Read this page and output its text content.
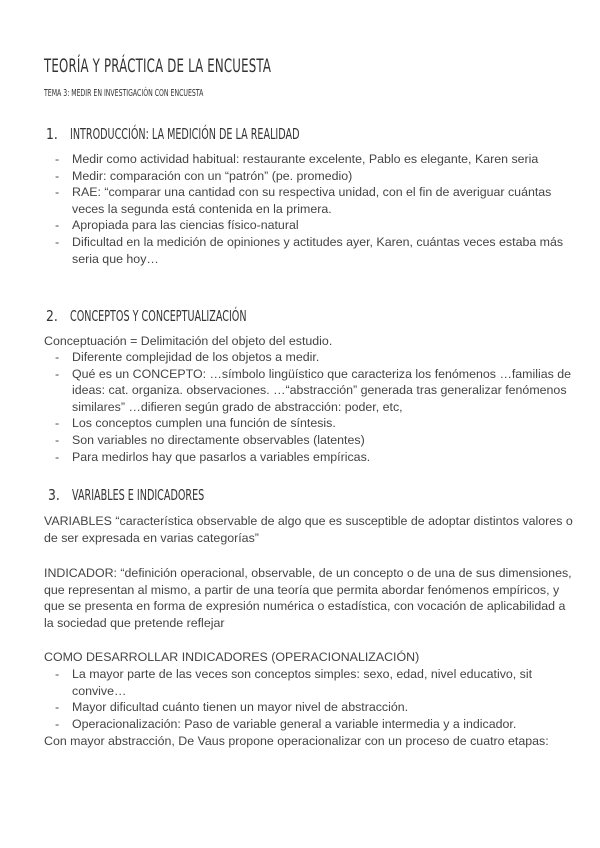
TEORÍA Y PRÁCTICA DE LA ENCUESTA
TEMA 3: MEDIR EN INVESTIGACIÓN CON ENCUESTA
1. INTRODUCCIÓN: LA MEDICIÓN DE LA REALIDAD
- Medir como actividad habitual: restaurante excelente, Pablo es elegante, Karen seria
- Medir: comparación con un “patrón” (pe. promedio)
- RAE: “comparar una cantidad con su respectiva unidad, con el fin de averiguar cuántas veces la segunda está contenida en la primera.
- Apropiada para las ciencias físico-natural
- Dificultad en la medición de opiniones y actitudes ayer, Karen, cuántas veces estaba más seria que hoy…
2. CONCEPTOS Y CONCEPTUALIZACIÓN
Conceptuación = Delimitación del objeto del estudio.
- Diferente complejidad de los objetos a medir.
- Qué es un CONCEPTO: …símbolo lingüístico que caracteriza los fenómenos …familias de ideas: cat. organiza. observaciones. …“abstracción” generada tras generalizar fenómenos similares” …difieren según grado de abstracción: poder, etc,
- Los conceptos cumplen una función de síntesis.
- Son variables no directamente observables (latentes)
- Para medirlos hay que pasarlos a variables empíricas.
3. VARIABLES E INDICADORES
VARIABLES “característica observable de algo que es susceptible de adoptar distintos valores o de ser expresada en varias categorías”
INDICADOR: “definición operacional, observable, de un concepto o de una de sus dimensiones, que representan al mismo, a partir de una teoría que permita abordar fenómenos empíricos, y que se presenta en forma de expresión numérica o estadística, con vocación de aplicabilidad a la sociedad que pretende reflejar
COMO DESARROLLAR INDICADORES (OPERACIONALIZACIÓN)
- La mayor parte de las veces son conceptos simples: sexo, edad, nivel educativo, sit convive…
- Mayor dificultad cuánto tienen un mayor nivel de abstracción.
- Operacionalización: Paso de variable general a variable intermedia y a indicador.
Con mayor abstracción, De Vaus propone operacionalizar con un proceso de cuatro etapas:
